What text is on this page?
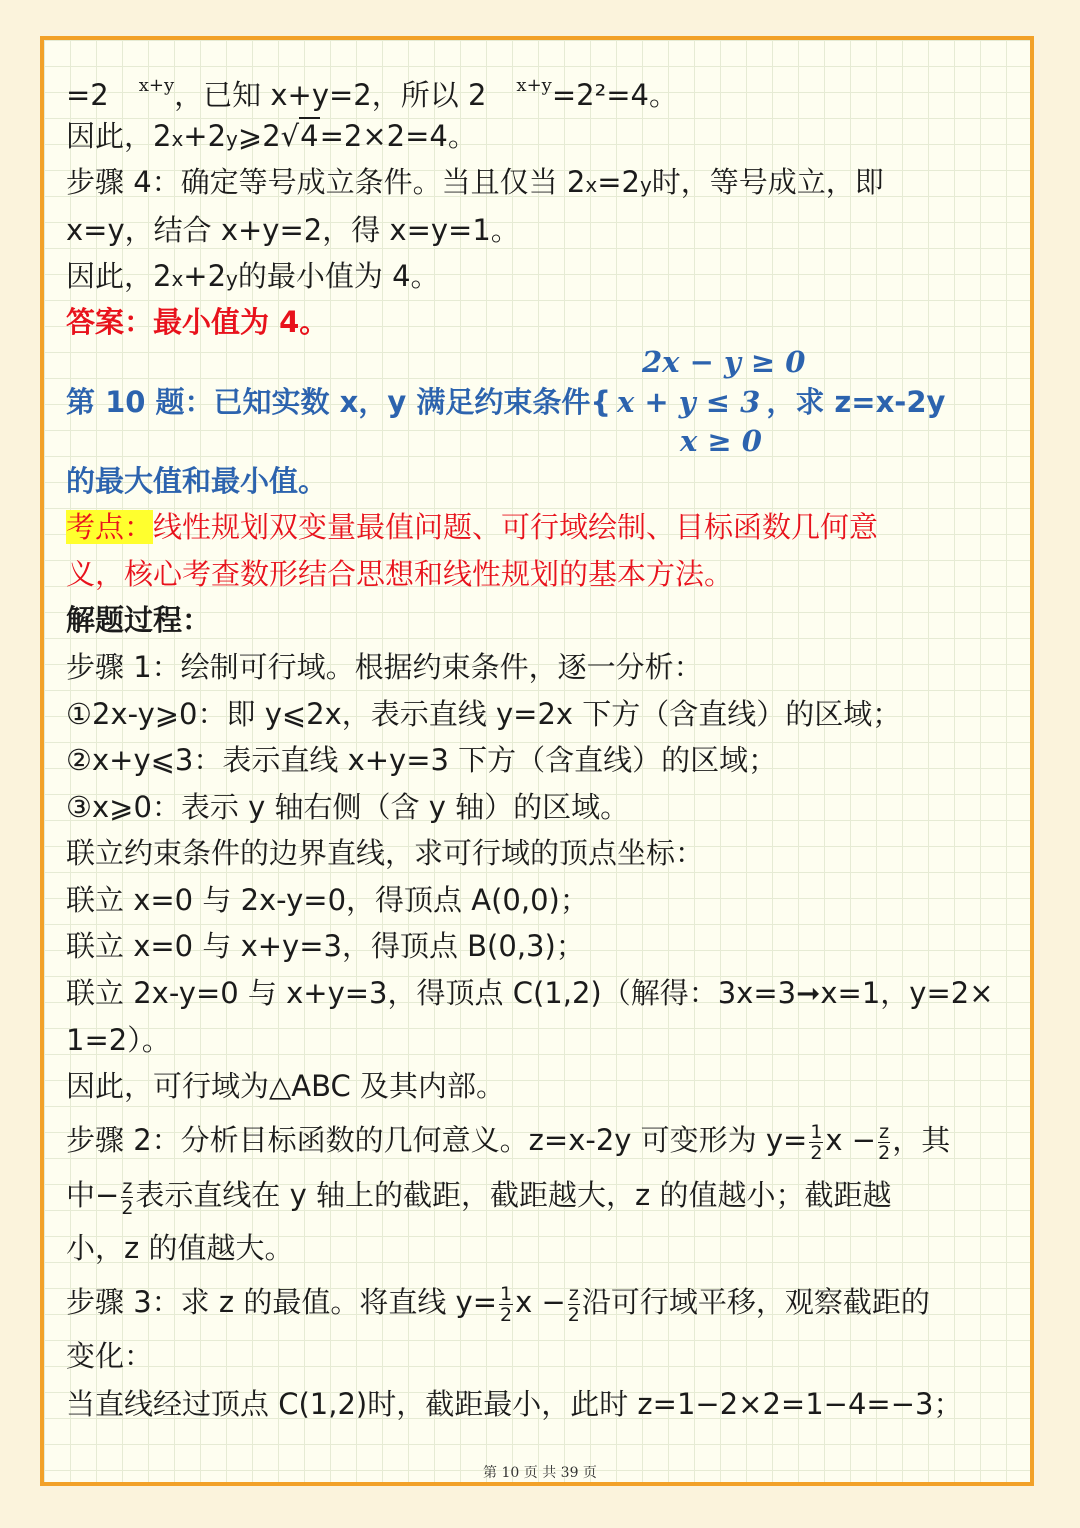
=2 $^{x+y}$，已知 x+y=2，所以 2 $^{x+y}$=2²=4。
因此，2x+2y⩾2√4=2×2=4。
步骤 4：确定等号成立条件。当且仅当 2x=2y时，等号成立，即
x=y，结合 x+y=2，得 x=y=1。
因此，2x+2y的最小值为 4。
答案：最小值为 4。
2x − y ≥ 0
第 10 题：已知实数 x，y 满足约束条件{ x + y ≤ 3 ，求 z=x-2y
x ≥ 0
的最大值和最小值。
考点：线性规划双变量最值问题、可行域绘制、目标函数几何意
义，核心考查数形结合思想和线性规划的基本方法。
解题过程：
步骤 1：绘制可行域。根据约束条件，逐一分析：
①2x-y⩾0：即 y⩽2x，表示直线 y=2x 下方（含直线）的区域；
②x+y⩽3：表示直线 x+y=3 下方（含直线）的区域；
③x⩾0：表示 y 轴右侧（含 y 轴）的区域。
联立约束条件的边界直线，求可行域的顶点坐标：
联立 x=0 与 2x-y=0，得顶点 A(0,0)；
联立 x=0 与 x+y=3，得顶点 B(0,3)；
联立 2x-y=0 与 x+y=3，得顶点 C(1,2)（解得：3x=3➞x=1，y=2×
1=2）。
因此，可行域为△ABC 及其内部。
步骤 2：分析目标函数的几何意义。z=x-2y 可变形为 $y= \frac{1}{2}$ $x - \frac{z}{2}$ ，其
中− $\frac{z}{2}$ 表示直线在 y 轴上的截距，截距越大，z 的值越小；截距越
小，z 的值越大。
步骤 3：求 z 的最值。将直线 $y= \frac{1}{2}$ $x - \frac{z}{2}$ 沿可行域平移，观察截距的
变化：
当直线经过顶点 C(1,2)时，截距最小，此时 z=1−2×2=1−4=−3；
第 10 页 共 39 页
